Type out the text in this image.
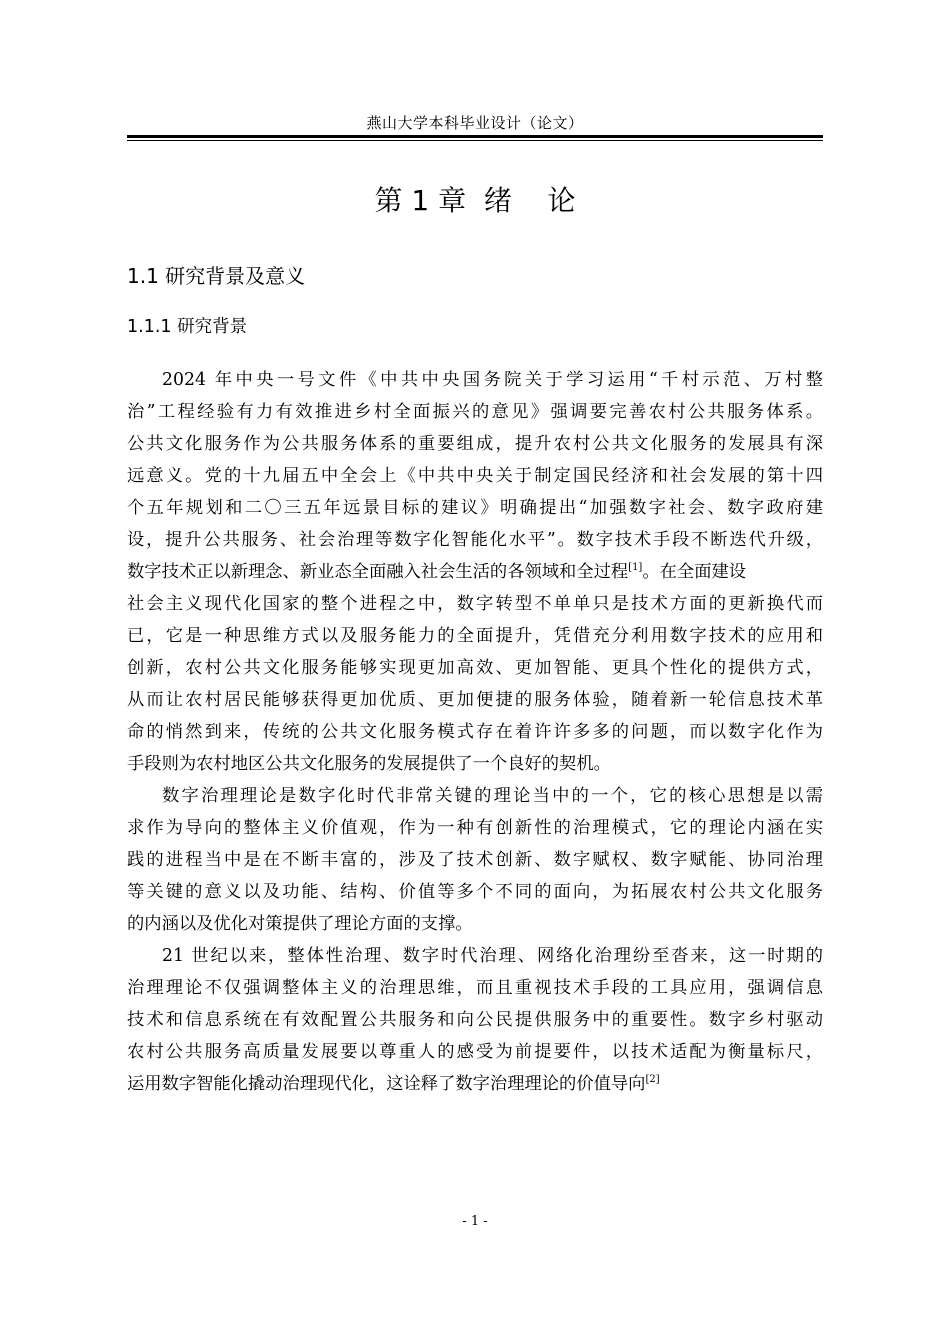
燕山大学本科毕业设计（论文）
第 1 章  绪    论
1.1 研究背景及意义
1.1.1 研究背景
2024 年中央一号文件《中共中央国务院关于学习运用“千村示范、万村整
治”工程经验有力有效推进乡村全面振兴的意见》强调要完善农村公共服务体系。
公共文化服务作为公共服务体系的重要组成，提升农村公共文化服务的发展具有深
远意义。党的十九届五中全会上《中共中央关于制定国民经济和社会发展的第十四
个五年规划和二〇三五年远景目标的建议》明确提出“加强数字社会、数字政府建
设，提升公共服务、社会治理等数字化智能化水平”。数字技术手段不断迭代升级，
数字技术正以新理念、新业态全面融入社会生活的各领域和全过程[1]。在全面建设
社会主义现代化国家的整个进程之中，数字转型不单单只是技术方面的更新换代而
已，它是一种思维方式以及服务能力的全面提升，凭借充分利用数字技术的应用和
创新，农村公共文化服务能够实现更加高效、更加智能、更具个性化的提供方式，
从而让农村居民能够获得更加优质、更加便捷的服务体验，随着新一轮信息技术革
命的悄然到来，传统的公共文化服务模式存在着许许多多的问题，而以数字化作为
手段则为农村地区公共文化服务的发展提供了一个良好的契机。
数字治理理论是数字化时代非常关键的理论当中的一个，它的核心思想是以需
求作为导向的整体主义价值观，作为一种有创新性的治理模式，它的理论内涵在实
践的进程当中是在不断丰富的，涉及了技术创新、数字赋权、数字赋能、协同治理
等关键的意义以及功能、结构、价值等多个不同的面向，为拓展农村公共文化服务
的内涵以及优化对策提供了理论方面的支撑。
21 世纪以来，整体性治理、数字时代治理、网络化治理纷至沓来，这一时期的
治理理论不仅强调整体主义的治理思维，而且重视技术手段的工具应用，强调信息
技术和信息系统在有效配置公共服务和向公民提供服务中的重要性。数字乡村驱动
农村公共服务高质量发展要以尊重人的感受为前提要件，以技术适配为衡量标尺，
运用数字智能化撬动治理现代化，这诠释了数字治理理论的价值导向[2]
- 1 -
